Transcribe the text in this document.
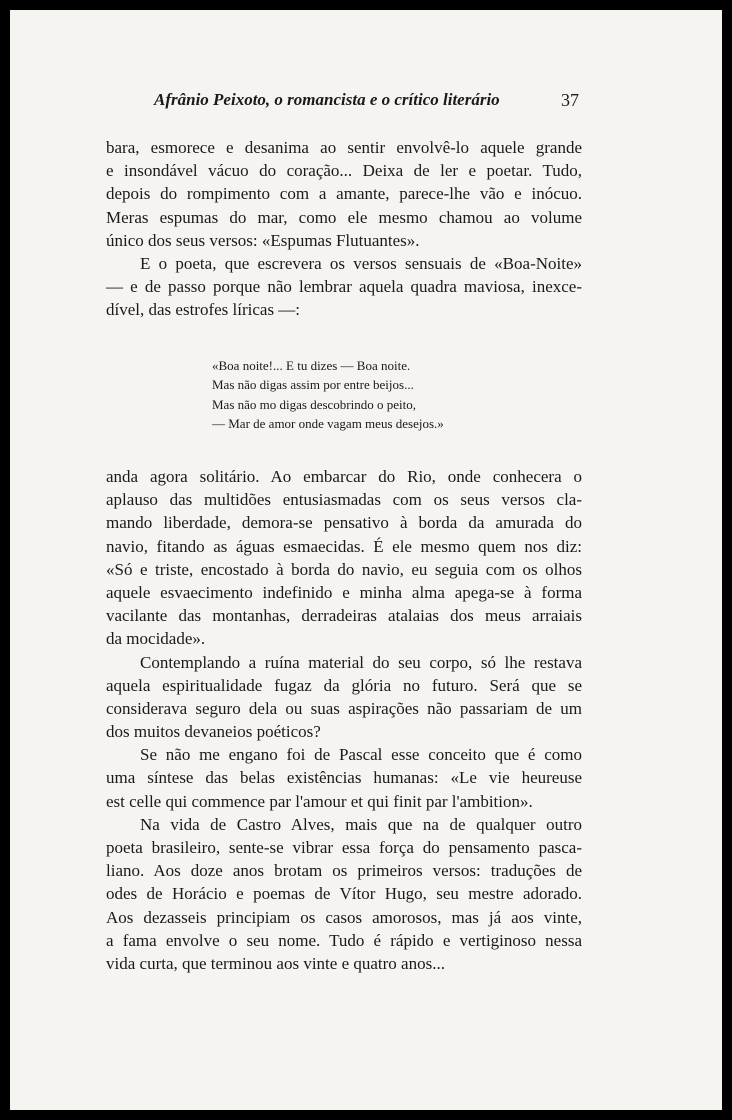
Afrânio Peixoto, o romancista e o crítico literário	37
bara, esmorece e desanima ao sentir envolvê-lo aquele grande
e insondável vácuo do coração... Deixa de ler e poetar. Tudo,
depois do rompimento com a amante, parece-lhe vão e inócuo.
Meras espumas do mar, como ele mesmo chamou ao volume
único dos seus versos: «Espumas Flutuantes».
E o poeta, que escrevera os versos sensuais de «Boa-Noite»
— e de passo porque não lembrar aquela quadra maviosa, inexce-
dível, das estrofes líricas —:
«Boa noite!... E tu dizes — Boa noite.
Mas não digas assim por entre beijos...
Mas não mo digas descobrindo o peito,
— Mar de amor onde vagam meus desejos.»
anda agora solitário. Ao embarcar do Rio, onde conhecera o
aplauso das multidões entusiasmadas com os seus versos cla-
mando liberdade, demora-se pensativo à borda da amurada do
navio, fitando as águas esmaecidas. É ele mesmo quem nos diz:
«Só e triste, encostado à borda do navio, eu seguia com os olhos
aquele esvaecimento indefinido e minha alma apega-se à forma
vacilante das montanhas, derradeiras atalaias dos meus arraiais
da mocidade».
Contemplando a ruína material do seu corpo, só lhe restava
aquela espiritualidade fugaz da glória no futuro. Será que se
considerava seguro dela ou suas aspirações não passariam de um
dos muitos devaneios poéticos?
Se não me engano foi de Pascal esse conceito que é como
uma síntese das belas existências humanas: «Le vie heureuse
est celle qui commence par l'amour et qui finit par l'ambition».
Na vida de Castro Alves, mais que na de qualquer outro
poeta brasileiro, sente-se vibrar essa força do pensamento pasca-
liano. Aos doze anos brotam os primeiros versos: traduções de
odes de Horácio e poemas de Vítor Hugo, seu mestre adorado.
Aos dezasseis principiam os casos amorosos, mas já aos vinte,
a fama envolve o seu nome. Tudo é rápido e vertiginoso nessa
vida curta, que terminou aos vinte e quatro anos...
